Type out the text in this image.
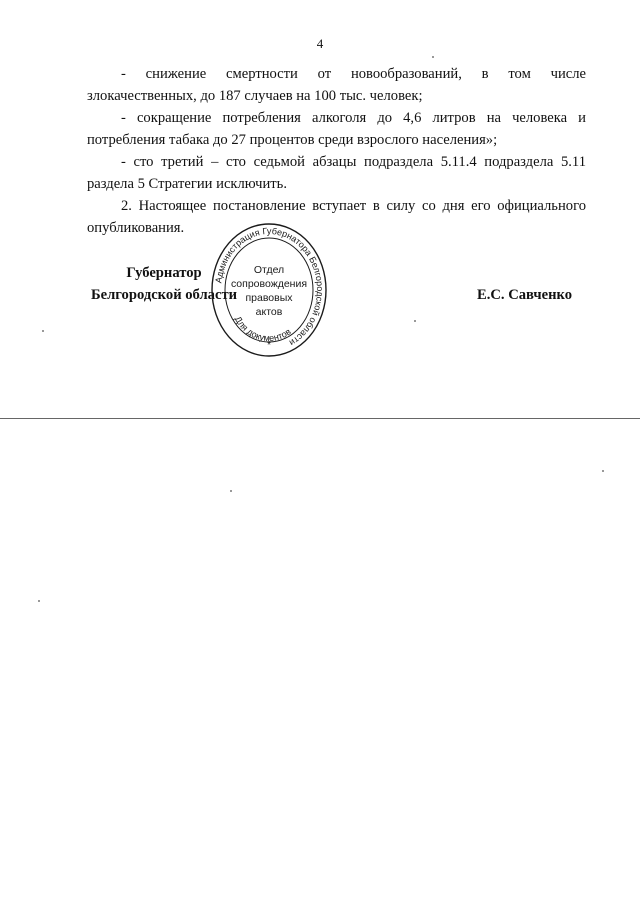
4

- снижение смертности от новообразований, в том числе злокачественных, до 187 случаев на 100 тыс. человек;

- сокращение потребления алкоголя до 4,6 литров на человека и потребления табака до 27 процентов среди взрослого населения»;

- сто третий – сто седьмой абзацы подраздела 5.11.4 подраздела 5.11 раздела 5 Стратегии исключить.

2. Настоящее постановление вступает в силу со дня его официального опубликования.

Губернатор
Белгородской области	Е.С. Савченко
Администрация Губернатора Белгородской области
Для документов
Отдел
сопровождения
правовых
актов
*
